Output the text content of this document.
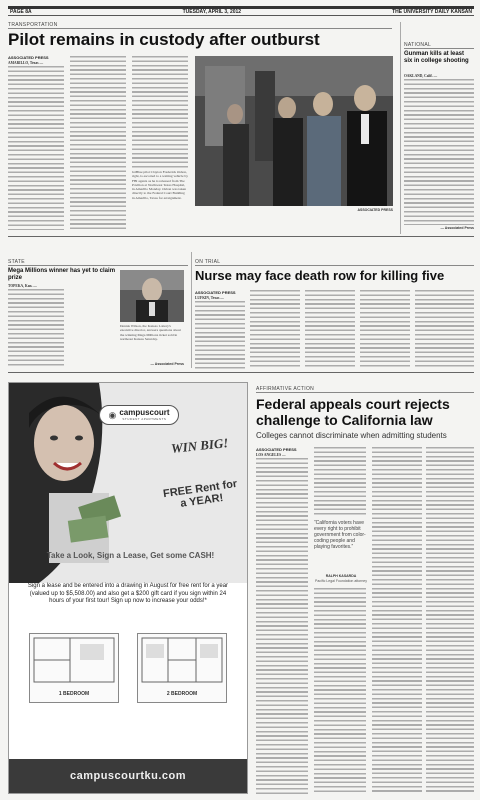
PAGE 8A	TUESDAY, APRIL 3, 2012	THE UNIVERSITY DAILY KANSAN
TRANSPORTATION
Pilot remains in custody after outburst
ASSOCIATED PRESS
AMARILLO, Texas —
JetBlue pilot Clayton Frederick Osbon, right, is escorted to a waiting vehicle by FBI agents as he is released from The Pavilion at Northwest Texas Hospital, in Amarillo Monday. Osbon was taken directly to the Federal Court Building in Amarillo, Texas for arraignment.
ASSOCIATED PRESS
NATIONAL
Gunman kills at least six in college shooting
OAKLAND, Calif. —
— Associated Press
STATE
Mega Millions winner has yet to claim prize
TOPEKA, Kan. —
Dennis Wilson, the Kansas Lottery's executive director, answers questions about the winning Mega Millions ticket sold in northeast Kansas Saturday.
— Associated Press
ON TRIAL
Nurse may face death row for killing five
ASSOCIATED PRESS
LUFKIN, Texas —
◉ campuscourt
STUDENT APARTMENTS
WIN BIG!
FREE Rent for a YEAR!
Take a Look, Sign a Lease, Get some CASH!
Sign a lease and be entered into a drawing in August for free rent for a year (valued up to $5,508.00) and also get a $200 gift card if you sign within 24 hours of your first tour! Sign up now to increase your odds!*
1 BEDROOM	2 BEDROOM
campuscourtku.com
AFFIRMATIVE ACTION
Federal appeals court rejects challenge to California law
Colleges cannot discriminate when admitting students
ASSOCIATED PRESS
LOS ANGELES —
“California voters have every right to prohibit government from color-coding people and playing favorites.”
RALPH KASARDA
Pacific Legal Foundation attorney
